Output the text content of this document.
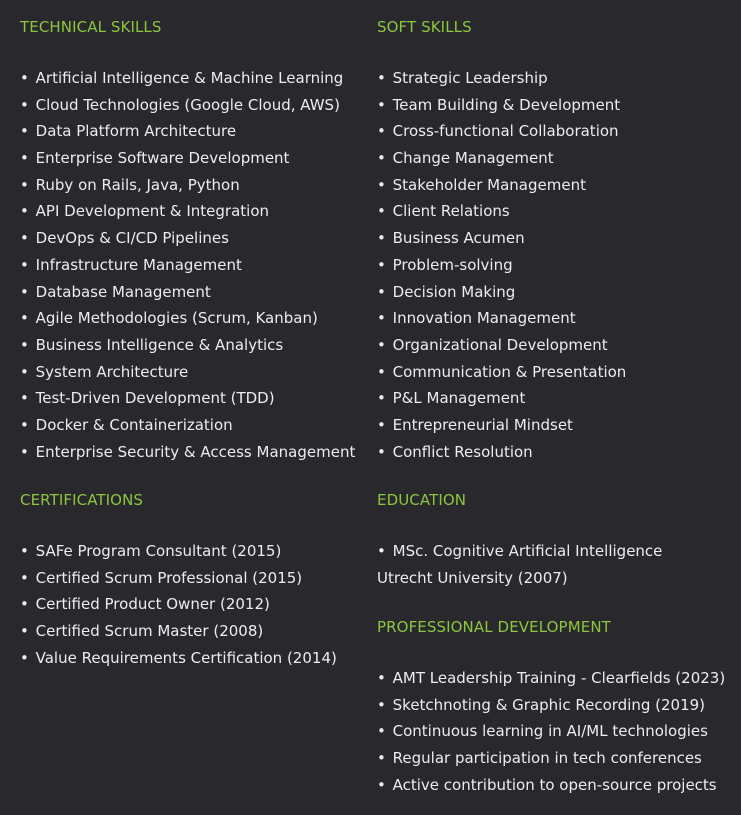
TECHNICAL SKILLS
• Artificial Intelligence & Machine Learning
• Cloud Technologies (Google Cloud, AWS)
• Data Platform Architecture
• Enterprise Software Development
• Ruby on Rails, Java, Python
• API Development & Integration
• DevOps & CI/CD Pipelines
• Infrastructure Management
• Database Management
• Agile Methodologies (Scrum, Kanban)
• Business Intelligence & Analytics
• System Architecture
• Test-Driven Development (TDD)
• Docker & Containerization
• Enterprise Security & Access Management
SOFT SKILLS
• Strategic Leadership
• Team Building & Development
• Cross-functional Collaboration
• Change Management
• Stakeholder Management
• Client Relations
• Business Acumen
• Problem-solving
• Decision Making
• Innovation Management
• Organizational Development
• Communication & Presentation
• P&L Management
• Entrepreneurial Mindset
• Conflict Resolution
CERTIFICATIONS
• SAFe Program Consultant (2015)
• Certified Scrum Professional (2015)
• Certified Product Owner (2012)
• Certified Scrum Master (2008)
• Value Requirements Certification (2014)
EDUCATION
• MSc. Cognitive Artificial Intelligence
Utrecht University (2007)
PROFESSIONAL DEVELOPMENT
• AMT Leadership Training - Clearfields (2023)
• Sketchnoting & Graphic Recording (2019)
• Continuous learning in AI/ML technologies
• Regular participation in tech conferences
• Active contribution to open-source projects
